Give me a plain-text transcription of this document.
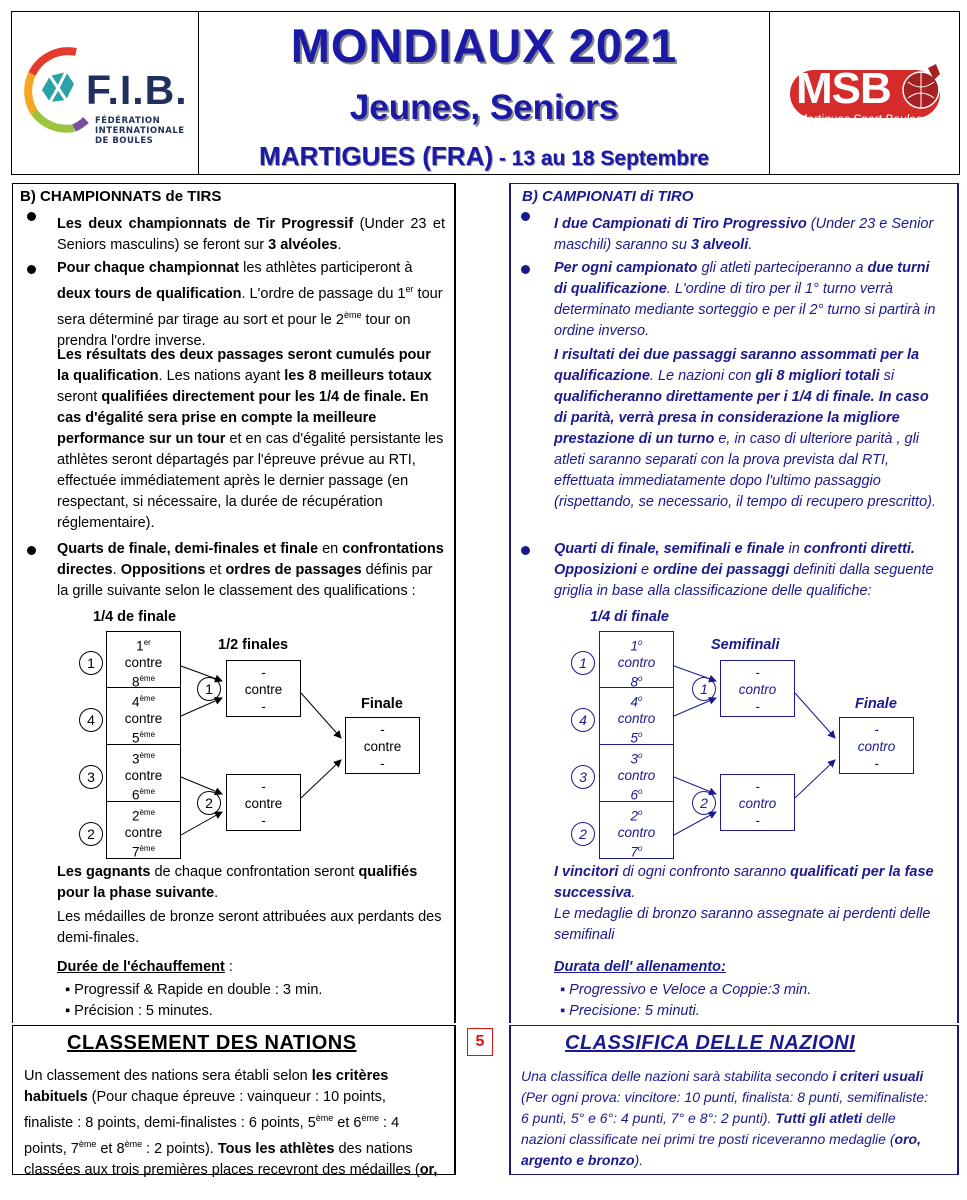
F.I.B.
FÉDÉRATION
INTERNATIONALE
DE BOULES
MONDIAUX 2021
Jeunes, Seniors
MARTIGUES (FRA) - 13 au 18 Septembre
MSB
Martigues Sport Boules
B) CHAMPIONNATS de TIRS
Les deux championnats de Tir Progressif (Under 23 et Seniors masculins) se feront sur 3 alvéoles.
Pour chaque championnat les athlètes participeront à
deux tours de qualification. L'ordre de passage du 1er tour
sera déterminé par tirage au sort et pour le 2ème tour on
prendra l'ordre inverse.
Les résultats des deux passages seront cumulés pour
la qualification. Les nations ayant les 8 meilleurs totaux
seront qualifiées directement pour les 1/4 de finale. En
cas d'égalité sera prise en compte la meilleure
performance sur un tour et en cas d'égalité persistante les
athlètes seront départagés par l'épreuve prévue au RTI,
effectuée immédiatement après le dernier passage (en
respectant, si nécessaire, la durée de récupération
réglementaire).
Quarts de finale, demi-finales et finale en confrontations
directes. Oppositions et ordres de passages définis par
la grille suivante selon le classement des qualifications :
1/4 de finale
1/2 finales
Finale
1er
contre
8ème
4ème
contre
5ème
3ème
contre
6ème
2ème
contre
7ème
1
4
3
2
-
contre
-
-
contre
-
1
2
-
contre
-
Les gagnants de chaque confrontation seront qualifiés
pour la phase suivante.
Les médailles de bronze seront attribuées aux perdants des
demi-finales.
Durée de l'échauffement :
▪ Progressif & Rapide en double : 3 min.
▪ Précision : 5 minutes.
CLASSEMENT DES NATIONS
Un classement des nations sera établi selon les critères
habituels (Pour chaque épreuve : vainqueur : 10 points,
finaliste : 8 points, demi-finalistes : 6 points, 5ème et 6ème : 4
points, 7ème et 8ème : 2 points). Tous les athlètes des nations
classées aux trois premières places recevront des médailles (or,
5
B) CAMPIONATI di TIRO
I due Campionati di Tiro Progressivo (Under 23 e Senior
maschili) saranno su 3 alveoli.
Per ogni campionato gli atleti parteciperanno a due turni
di qualificazione. L'ordine di tiro per il 1° turno verrà
determinato mediante sorteggio e per il 2° turno si partirà in
ordine inverso.
I risultati dei due passaggi saranno assommati per la
qualificazione. Le nazioni con gli 8 migliori totali si
qualificheranno direttamente per i 1/4 di finale. In caso
di parità, verrà presa in considerazione la migliore
prestazione di un turno e, in caso di ulteriore parità , gli
atleti saranno separati con la prova prevista dal RTI,
effettuata immediatamente dopo l'ultimo passaggio
(rispettando, se necessario, il tempo di recupero prescritto).
Quarti di finale, semifinali e finale in confronti diretti.
Opposizioni e ordine dei passaggi definiti dalla seguente
griglia in base alla classificazione delle qualifiche:
1/4 di finale
Semifinali
Finale
1$^o$
contro
8$^o$
4$^o$
contro
5$^o$
3$^o$
contro
6$^o$
2$^o$
contro
7$^o$
1
4
3
2
-
contro
-
-
contro
-
1
2
-
contro
-
I vincitori di ogni confronto saranno qualificati per la fase
successiva.
Le medaglie di bronzo saranno assegnate ai perdenti delle
semifinali
Durata dell' allenamento:
▪ Progressivo e Veloce a Coppie:3 min.
▪ Precisione: 5 minuti.
CLASSIFICA DELLE NAZIONI
Una classifica delle nazioni sarà stabilita secondo i criteri usuali
(Per ogni prova: vincitore: 10 punti, finalista: 8 punti, semifinaliste:
6 punti, 5° e 6°: 4 punti, 7° e 8°: 2 punti). Tutti gli atleti delle
nazioni classificate nei primi tre posti riceveranno medaglie (oro,
argento e bronzo).
